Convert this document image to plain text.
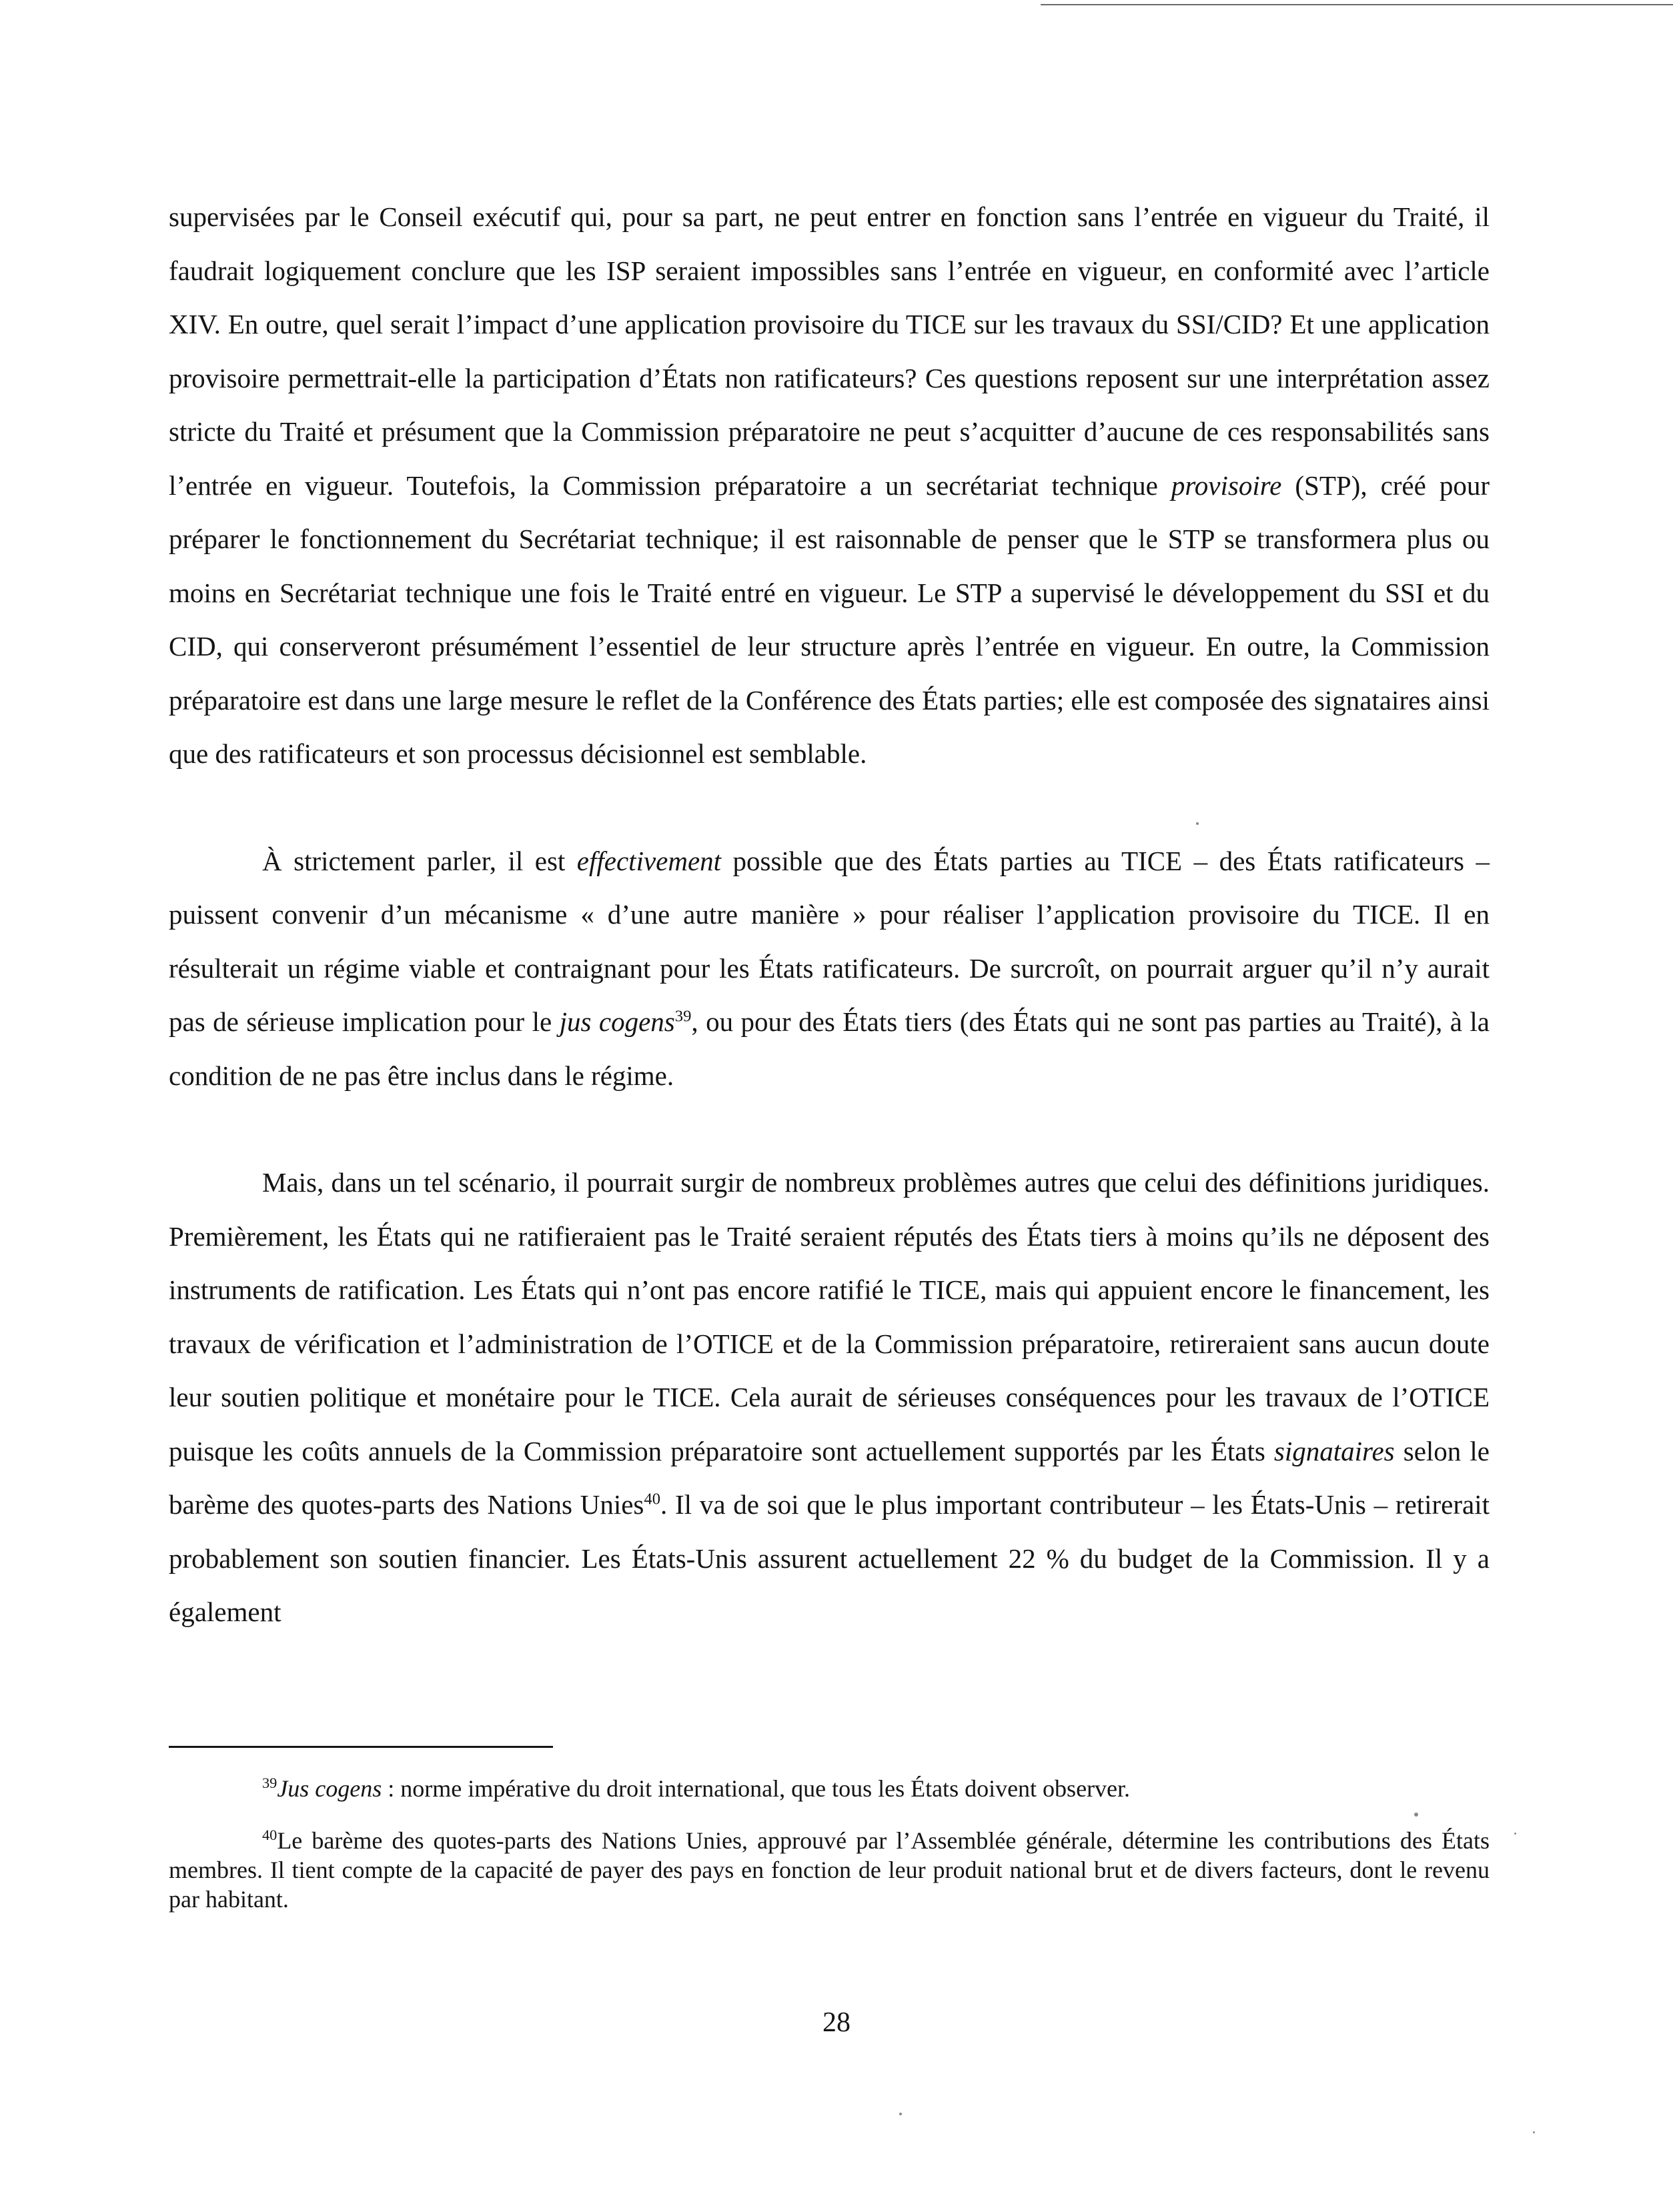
supervisées par le Conseil exécutif qui, pour sa part, ne peut entrer en fonction sans l’entrée en vigueur du Traité, il faudrait logiquement conclure que les ISP seraient impossibles sans l’entrée en vigueur, en conformité avec l’article XIV. En outre, quel serait l’impact d’une application provisoire du TICE sur les travaux du SSI/CID? Et une application provisoire permettrait-elle la participation d’États non ratificateurs? Ces questions reposent sur une interprétation assez stricte du Traité et présument que la Commission préparatoire ne peut s’acquitter d’aucune de ces responsabilités sans l’entrée en vigueur. Toutefois, la Commission préparatoire a un secrétariat technique provisoire (STP), créé pour préparer le fonctionnement du Secrétariat technique; il est raisonnable de penser que le STP se transformera plus ou moins en Secrétariat technique une fois le Traité entré en vigueur. Le STP a supervisé le développement du SSI et du CID, qui conserveront présumément l’essentiel de leur structure après l’entrée en vigueur. En outre, la Commission préparatoire est dans une large mesure le reflet de la Conférence des États parties; elle est composée des signataires ainsi que des ratificateurs et son processus décisionnel est semblable.

À strictement parler, il est effectivement possible que des États parties au TICE – des États ratificateurs – puissent convenir d’un mécanisme « d’une autre manière » pour réaliser l’application provisoire du TICE. Il en résulterait un régime viable et contraignant pour les États ratificateurs. De surcroît, on pourrait arguer qu’il n’y aurait pas de sérieuse implication pour le jus cogens$^{39}$, ou pour des États tiers (des États qui ne sont pas parties au Traité), à la condition de ne pas être inclus dans le régime.

Mais, dans un tel scénario, il pourrait surgir de nombreux problèmes autres que celui des définitions juridiques. Premièrement, les États qui ne ratifieraient pas le Traité seraient réputés des États tiers à moins qu’ils ne déposent des instruments de ratification. Les États qui n’ont pas encore ratifié le TICE, mais qui appuient encore le financement, les travaux de vérification et l’administration de l’OTICE et de la Commission préparatoire, retireraient sans aucun doute leur soutien politique et monétaire pour le TICE. Cela aurait de sérieuses conséquences pour les travaux de l’OTICE puisque les coûts annuels de la Commission préparatoire sont actuellement supportés par les États signataires selon le barème des quotes-parts des Nations Unies$^{40}$. Il va de soi que le plus important contributeur – les États-Unis – retirerait probablement son soutien financier. Les États-Unis assurent actuellement 22 % du budget de la Commission. Il y a également

$^{39}$Jus cogens : norme impérative du droit international, que tous les États doivent observer.

$^{40}$Le barème des quotes-parts des Nations Unies, approuvé par l’Assemblée générale, détermine les contributions des États membres. Il tient compte de la capacité de payer des pays en fonction de leur produit national brut et de divers facteurs, dont le revenu par habitant.

28
